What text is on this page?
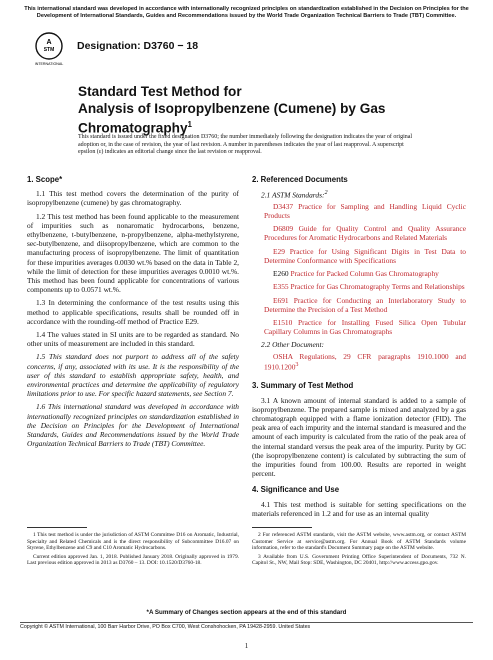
This international standard was developed in accordance with internationally recognized principles on standardization established in the Decision on Principles for the Development of International Standards, Guides and Recommendations issued by the World Trade Organization Technical Barriers to Trade (TBT) Committee.
A
STM
INTERNATIONAL
Designation: D3760 − 18
Standard Test Method for
Analysis of Isopropylbenzene (Cumene) by Gas
Chromatography$^1$
This standard is issued under the fixed designation D3760; the number immediately following the designation indicates the year of original adoption or, in the case of revision, the year of last revision. A number in parentheses indicates the year of last reapproval. A superscript epsilon (ε) indicates an editorial change since the last revision or reapproval.
1. Scope*

1.1 This test method covers the determination of the purity of isopropylbenzene (cumene) by gas chromatography.

1.2 This test method has been found applicable to the measurement of impurities such as nonaromatic hydrocarbons, benzene, ethylbenzene, t-butylbenzene, n-propylbenzene, alpha-methylstyrene, sec-butylbenzene, and diisopropylbenzene, which are common to the manufacturing process of isopropylbenzene. The limit of quantitation for these impurities averages 0.0030 wt.% based on the data in Table 2, while the limit of detection for these impurities averages 0.0010 wt.%. This method has been found applicable for concentrations of various components up to 0.0571 wt.%.

1.3 In determining the conformance of the test results using this method to applicable specifications, results shall be rounded off in accordance with the rounding-off method of Practice E29.

1.4 The values stated in SI units are to be regarded as standard. No other units of measurement are included in this standard.

1.5 This standard does not purport to address all of the safety concerns, if any, associated with its use. It is the responsibility of the user of this standard to establish appropriate safety, health, and environmental practices and determine the applicability of regulatory limitations prior to use. For specific hazard statements, see Section 7.

1.6 This international standard was developed in accordance with internationally recognized principles on standardization established in the Decision on Principles for the Development of International Standards, Guides and Recommendations issued by the World Trade Organization Technical Barriers to Trade (TBT) Committee.

2. Referenced Documents
2.1 ASTM Standards:$^2$

D3437 Practice for Sampling and Handling Liquid Cyclic Products

D6809 Guide for Quality Control and Quality Assurance Procedures for Aromatic Hydrocarbons and Related Materials

E29 Practice for Using Significant Digits in Test Data to Determine Conformance with Specifications

E260 Practice for Packed Column Gas Chromatography

E355 Practice for Gas Chromatography Terms and Relationships

E691 Practice for Conducting an Interlaboratory Study to Determine the Precision of a Test Method

E1510 Practice for Installing Fused Silica Open Tubular Capillary Columns in Gas Chromatographs

2.2 Other Document:

OSHA Regulations, 29 CFR paragraphs 1910.1000 and 1910.1200$^3$

3. Summary of Test Method

3.1 A known amount of internal standard is added to a sample of isopropylbenzene. The prepared sample is mixed and analyzed by a gas chromatograph equipped with a flame ionization detector (FID). The peak area of each impurity and the internal standard is measured and the amount of each impurity is calculated from the ratio of the peak area of the internal standard versus the peak area of the impurity. Purity by GC (the isopropylbenzene content) is calculated by subtracting the sum of the impurities found from 100.00. Results are reported in weight percent.

4. Significance and Use

4.1 This test method is suitable for setting specifications on the materials referenced in 1.2 and for use as an internal quality

1 This test method is under the jurisdiction of ASTM Committee D16 on Aromatic, Industrial, Specialty and Related Chemicals and is the direct responsibility of Subcommittee D16.07 on Styrene, Ethylbenzene and C9 and C10 Aromatic Hydrocarbons.

Current edition approved Jan. 1, 2018. Published January 2018. Originally approved in 1979. Last previous edition approved in 2013 as D3760 – 13. DOI: 10.1520/D3760-18.

2 For referenced ASTM standards, visit the ASTM website, www.astm.org, or contact ASTM Customer Service at service@astm.org. For Annual Book of ASTM Standards volume information, refer to the standard's Document Summary page on the ASTM website.

3 Available from U.S. Government Printing Office Superintendent of Documents, 732 N. Capitol St., NW, Mail Stop: SDE, Washington, DC 20401, http://www.access.gpo.gov.

*A Summary of Changes section appears at the end of this standard
Copyright © ASTM International, 100 Barr Harbor Drive, PO Box C700, West Conshohocken, PA 19428-2959. United States
1
